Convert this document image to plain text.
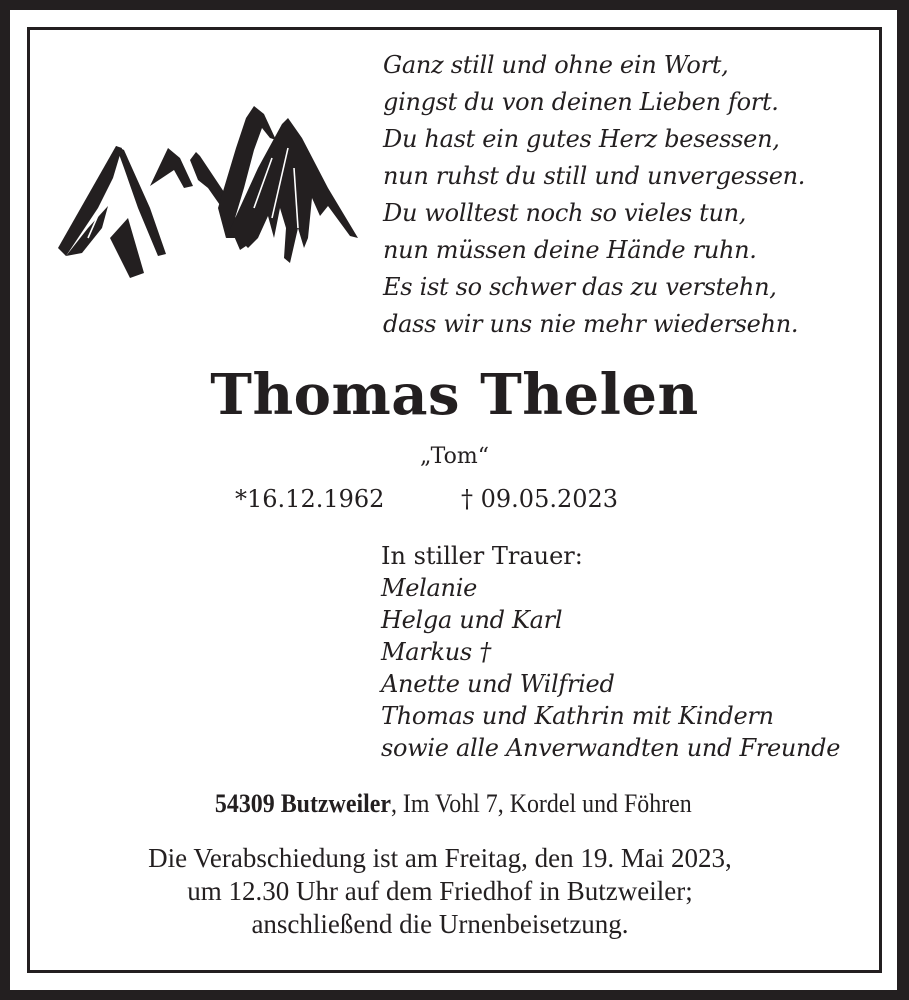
Ganz still und ohne ein Wort,
gingst du von deinen Lieben fort.
Du hast ein gutes Herz besessen,
nun ruhst du still und unvergessen.
Du wolltest noch so vieles tun,
nun müssen deine Hände ruhn.
Es ist so schwer das zu verstehn,
dass wir uns nie mehr wiedersehn.
Thomas Thelen
„Tom“
*16.12.1962	† 09.05.2023
In stiller Trauer:
Melanie
Helga und Karl
Markus †
Anette und Wilfried
Thomas und Kathrin mit Kindern
sowie alle Anverwandten und Freunde
54309 Butzweiler, Im Vohl 7, Kordel und Föhren
Die Verabschiedung ist am Freitag, den 19. Mai 2023,
um 12.30 Uhr auf dem Friedhof in Butzweiler;
anschließend die Urnenbeisetzung.
